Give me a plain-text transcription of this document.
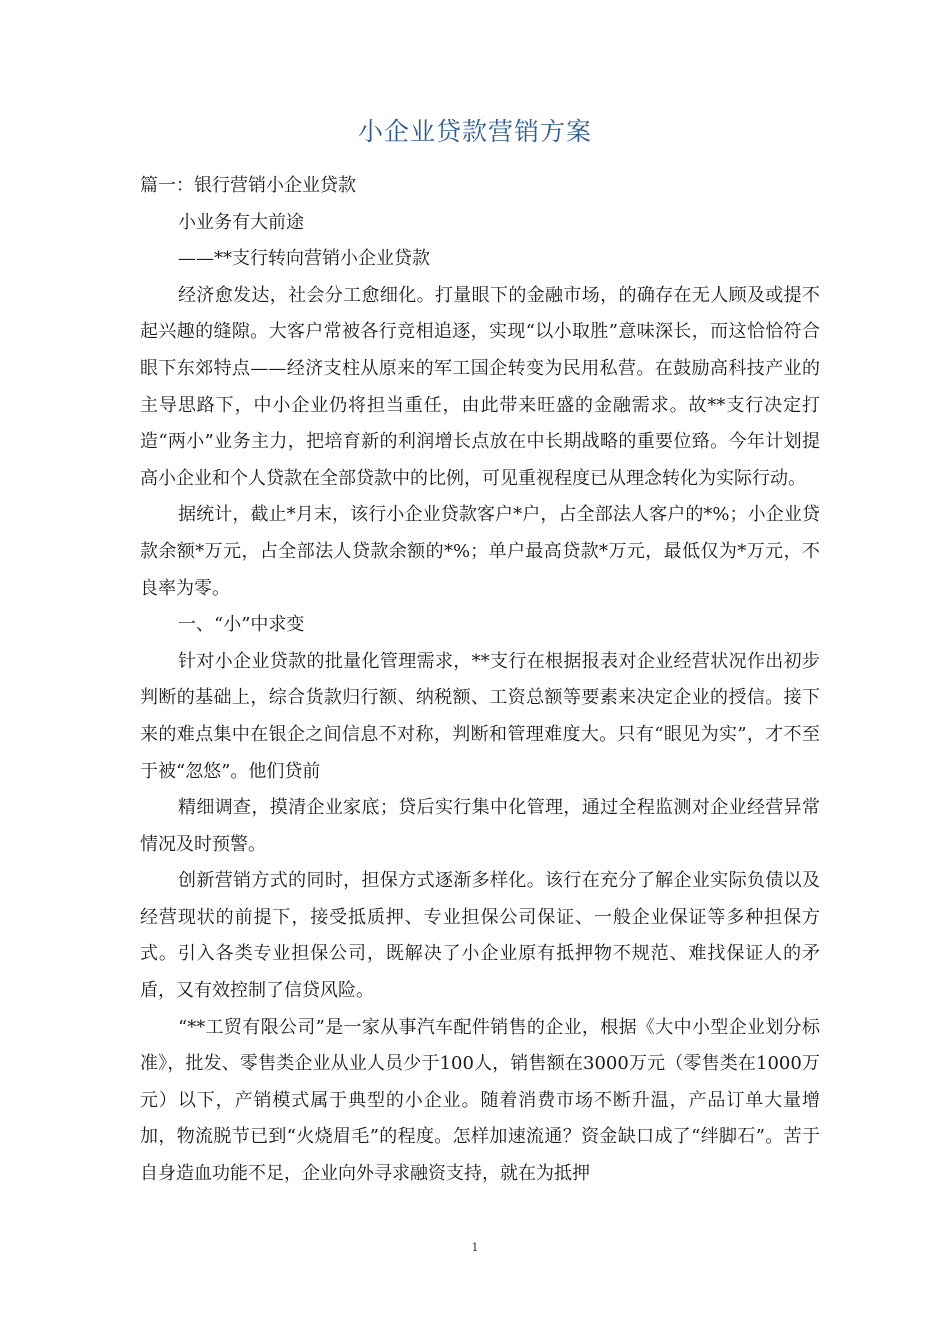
小企业贷款营销方案

篇一：银行营销小企业贷款

小业务有大前途

——**支行转向营销小企业贷款

经济愈发达，社会分工愈细化。打量眼下的金融市场，的确存在无人顾及或提不起兴趣的缝隙。大客户常被各行竞相追逐，实现“以小取胜”意味深长，而这恰恰符合眼下东郊特点——经济支柱从原来的军工国企转变为民用私营。在鼓励高科技产业的主导思路下，中小企业仍将担当重任，由此带来旺盛的金融需求。故**支行决定打造“两小”业务主力，把培育新的利润增长点放在中长期战略的重要位臵。今年计划提高小企业和个人贷款在全部贷款中的比例，可见重视程度已从理念转化为实际行动。

据统计，截止*月末，该行小企业贷款客户*户，占全部法人客户的*%；小企业贷款余额*万元，占全部法人贷款余额的*%；单户最高贷款*万元，最低仅为*万元，不良率为零。

一、“小”中求变

针对小企业贷款的批量化管理需求，**支行在根据报表对企业经营状况作出初步判断的基础上，综合货款归行额、纳税额、工资总额等要素来决定企业的授信。接下来的难点集中在银企之间信息不对称，判断和管理难度大。只有“眼见为实”，才不至于被“忽悠”。他们贷前

精细调查，摸清企业家底；贷后实行集中化管理，通过全程监测对企业经营异常情况及时预警。

创新营销方式的同时，担保方式逐渐多样化。该行在充分了解企业实际负债以及经营现状的前提下，接受抵质押、专业担保公司保证、一般企业保证等多种担保方式。引入各类专业担保公司，既解决了小企业原有抵押物不规范、难找保证人的矛盾，又有效控制了信贷风险。

“**工贸有限公司”是一家从事汽车配件销售的企业，根据《大中小型企业划分标准》，批发、零售类企业从业人员少于100人，销售额在3000万元（零售类在1000万元）以下，产销模式属于典型的小企业。随着消费市场不断升温，产品订单大量增加，物流脱节已到“火烧眉毛”的程度。怎样加速流通？资金缺口成了“绊脚石”。苦于自身造血功能不足，企业向外寻求融资支持，就在为抵押

1
